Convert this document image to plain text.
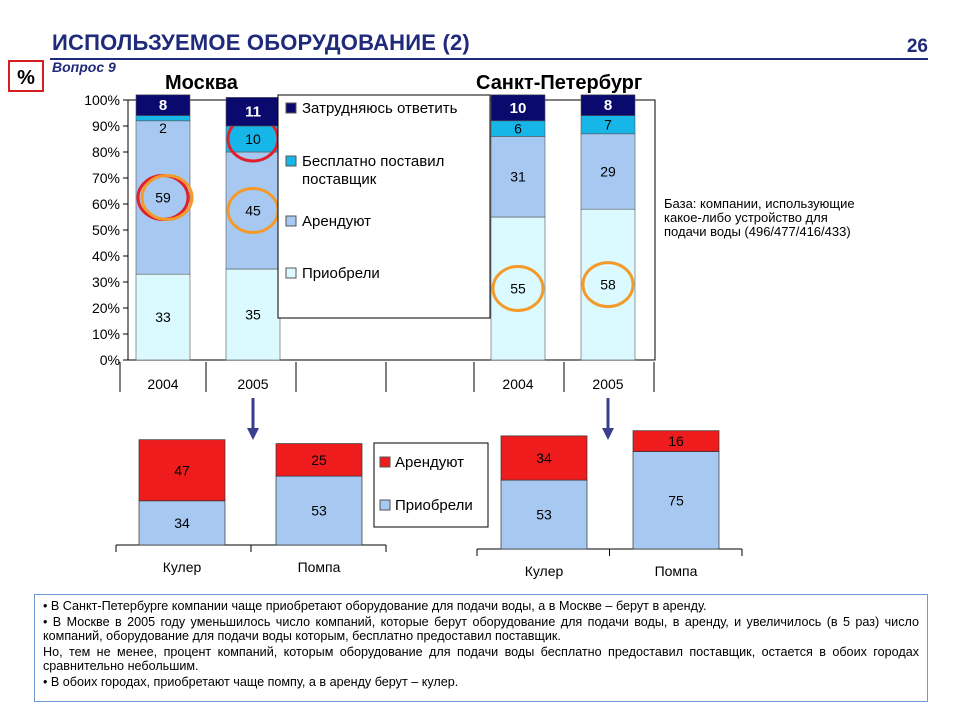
ИСПОЛЬЗУЕМОЕ ОБОРУДОВАНИЕ (2)	26
Вопрос 9
%	Москва	Санкт-Петербург
База: компании, использующие
какое-либо устройство для
подачи воды (496/477/416/433)
0%
10%
20%
30%
40%
50%
60%
70%
80%
90%
100%
33
59
2
8
35
45
10
11
55
31
6
10
58
29
7
8
2004	2005	2004	2005
Затрудняюсь ответить
Бесплатно поставил
поставщик
Арендуют
Приобрели
34
47
Кулер
53
25
Помпа
53
34
Кулер
75
16
Помпа
Арендуют
Приобрели

• В Санкт-Петербурге компании чаще приобретают оборудование для подачи воды, а в Москве – берут в аренду.

• В Москве в 2005 году уменьшилось число компаний, которые берут оборудование для подачи воды, в аренду, и увеличилось (в 5 раз) число компаний, оборудование для подачи воды которым, бесплатно предоставил поставщик.

Но, тем не менее, процент компаний, которым оборудование для подачи воды бесплатно предоставил поставщик, остается в обоих городах сравнительно небольшим.

• В обоих городах, приобретают чаще помпу, а в аренду берут – кулер.
